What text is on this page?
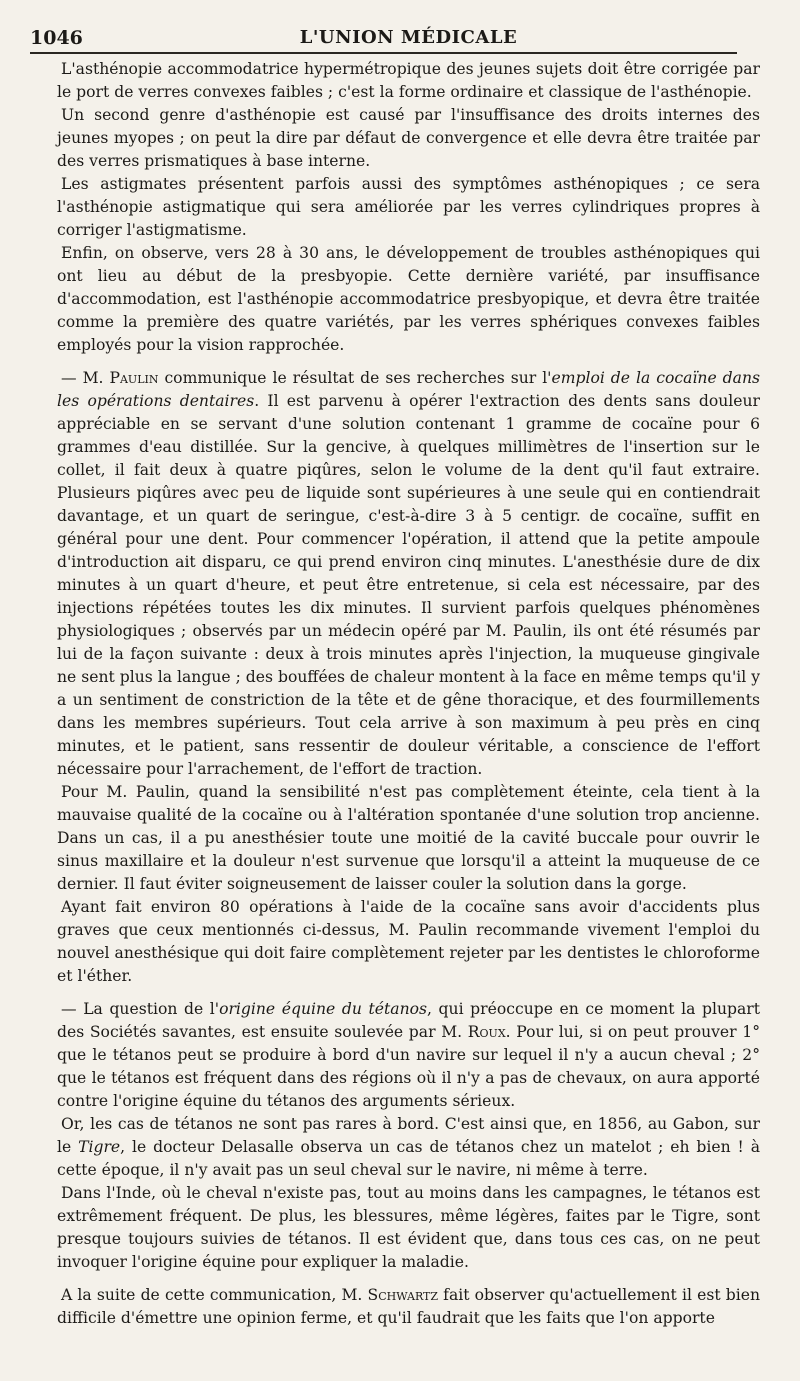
1046	L'UNION MÉDICALE

L'asthénopie accommodatrice hypermétropique des jeunes sujets doit être corrigée par le port de verres convexes faibles ; c'est la forme ordinaire et classique de l'asthénopie.

Un second genre d'asthénopie est causé par l'insuffisance des droits internes des jeunes myopes ; on peut la dire par défaut de convergence et elle devra être traitée par des verres prismatiques à base interne.

Les astigmates présentent parfois aussi des symptômes asthénopiques ; ce sera l'asthénopie astigmatique qui sera améliorée par les verres cylindriques propres à corriger l'astigmatisme.

Enfin, on observe, vers 28 à 30 ans, le développement de troubles asthénopiques qui ont lieu au début de la presbyopie. Cette dernière variété, par insuffisance d'accommodation, est l'asthénopie accommodatrice presbyopique, et devra être traitée comme la première des quatre variétés, par les verres sphériques convexes faibles employés pour la vision rapprochée.

— M. Paulin communique le résultat de ses recherches sur l'emploi de la cocaïne dans les opérations dentaires. Il est parvenu à opérer l'extraction des dents sans douleur appréciable en se servant d'une solution contenant 1 gramme de cocaïne pour 6 grammes d'eau distillée. Sur la gencive, à quelques millimètres de l'insertion sur le collet, il fait deux à quatre piqûres, selon le volume de la dent qu'il faut extraire. Plusieurs piqûres avec peu de liquide sont supérieures à une seule qui en contiendrait davantage, et un quart de seringue, c'est-à-dire 3 à 5 centigr. de cocaïne, suffit en général pour une dent. Pour commencer l'opération, il attend que la petite ampoule d'introduction ait disparu, ce qui prend environ cinq minutes. L'anesthésie dure de dix minutes à un quart d'heure, et peut être entretenue, si cela est nécessaire, par des injections répétées toutes les dix minutes. Il survient parfois quelques phénomènes physiologiques ; observés par un médecin opéré par M. Paulin, ils ont été résumés par lui de la façon suivante : deux à trois minutes après l'injection, la muqueuse gingivale ne sent plus la langue ; des bouffées de chaleur montent à la face en même temps qu'il y a un sentiment de constriction de la tête et de gêne thoracique, et des fourmillements dans les membres supérieurs. Tout cela arrive à son maximum à peu près en cinq minutes, et le patient, sans ressentir de douleur véritable, a conscience de l'effort nécessaire pour l'arrachement, de l'effort de traction.

Pour M. Paulin, quand la sensibilité n'est pas complètement éteinte, cela tient à la mauvaise qualité de la cocaïne ou à l'altération spontanée d'une solution trop ancienne. Dans un cas, il a pu anesthésier toute une moitié de la cavité buccale pour ouvrir le sinus maxillaire et la douleur n'est survenue que lorsqu'il a atteint la muqueuse de ce dernier. Il faut éviter soigneusement de laisser couler la solution dans la gorge.

Ayant fait environ 80 opérations à l'aide de la cocaïne sans avoir d'accidents plus graves que ceux mentionnés ci-dessus, M. Paulin recommande vivement l'emploi du nouvel anesthésique qui doit faire complètement rejeter par les dentistes le chloroforme et l'éther.

— La question de l'origine équine du tétanos, qui préoccupe en ce moment la plupart des Sociétés savantes, est ensuite soulevée par M. Roux. Pour lui, si on peut prouver 1° que le tétanos peut se produire à bord d'un navire sur lequel il n'y a aucun cheval ; 2° que le tétanos est fréquent dans des régions où il n'y a pas de chevaux, on aura apporté contre l'origine équine du tétanos des arguments sérieux.

Or, les cas de tétanos ne sont pas rares à bord. C'est ainsi que, en 1856, au Gabon, sur le Tigre, le docteur Delasalle observa un cas de tétanos chez un matelot ; eh bien ! à cette époque, il n'y avait pas un seul cheval sur le navire, ni même à terre.

Dans l'Inde, où le cheval n'existe pas, tout au moins dans les campagnes, le tétanos est extrêmement fréquent. De plus, les blessures, même légères, faites par le Tigre, sont presque toujours suivies de tétanos. Il est évident que, dans tous ces cas, on ne peut invoquer l'origine équine pour expliquer la maladie.

A la suite de cette communication, M. Schwartz fait observer qu'actuellement il est bien difficile d'émettre une opinion ferme, et qu'il faudrait que les faits que l'on apporte
